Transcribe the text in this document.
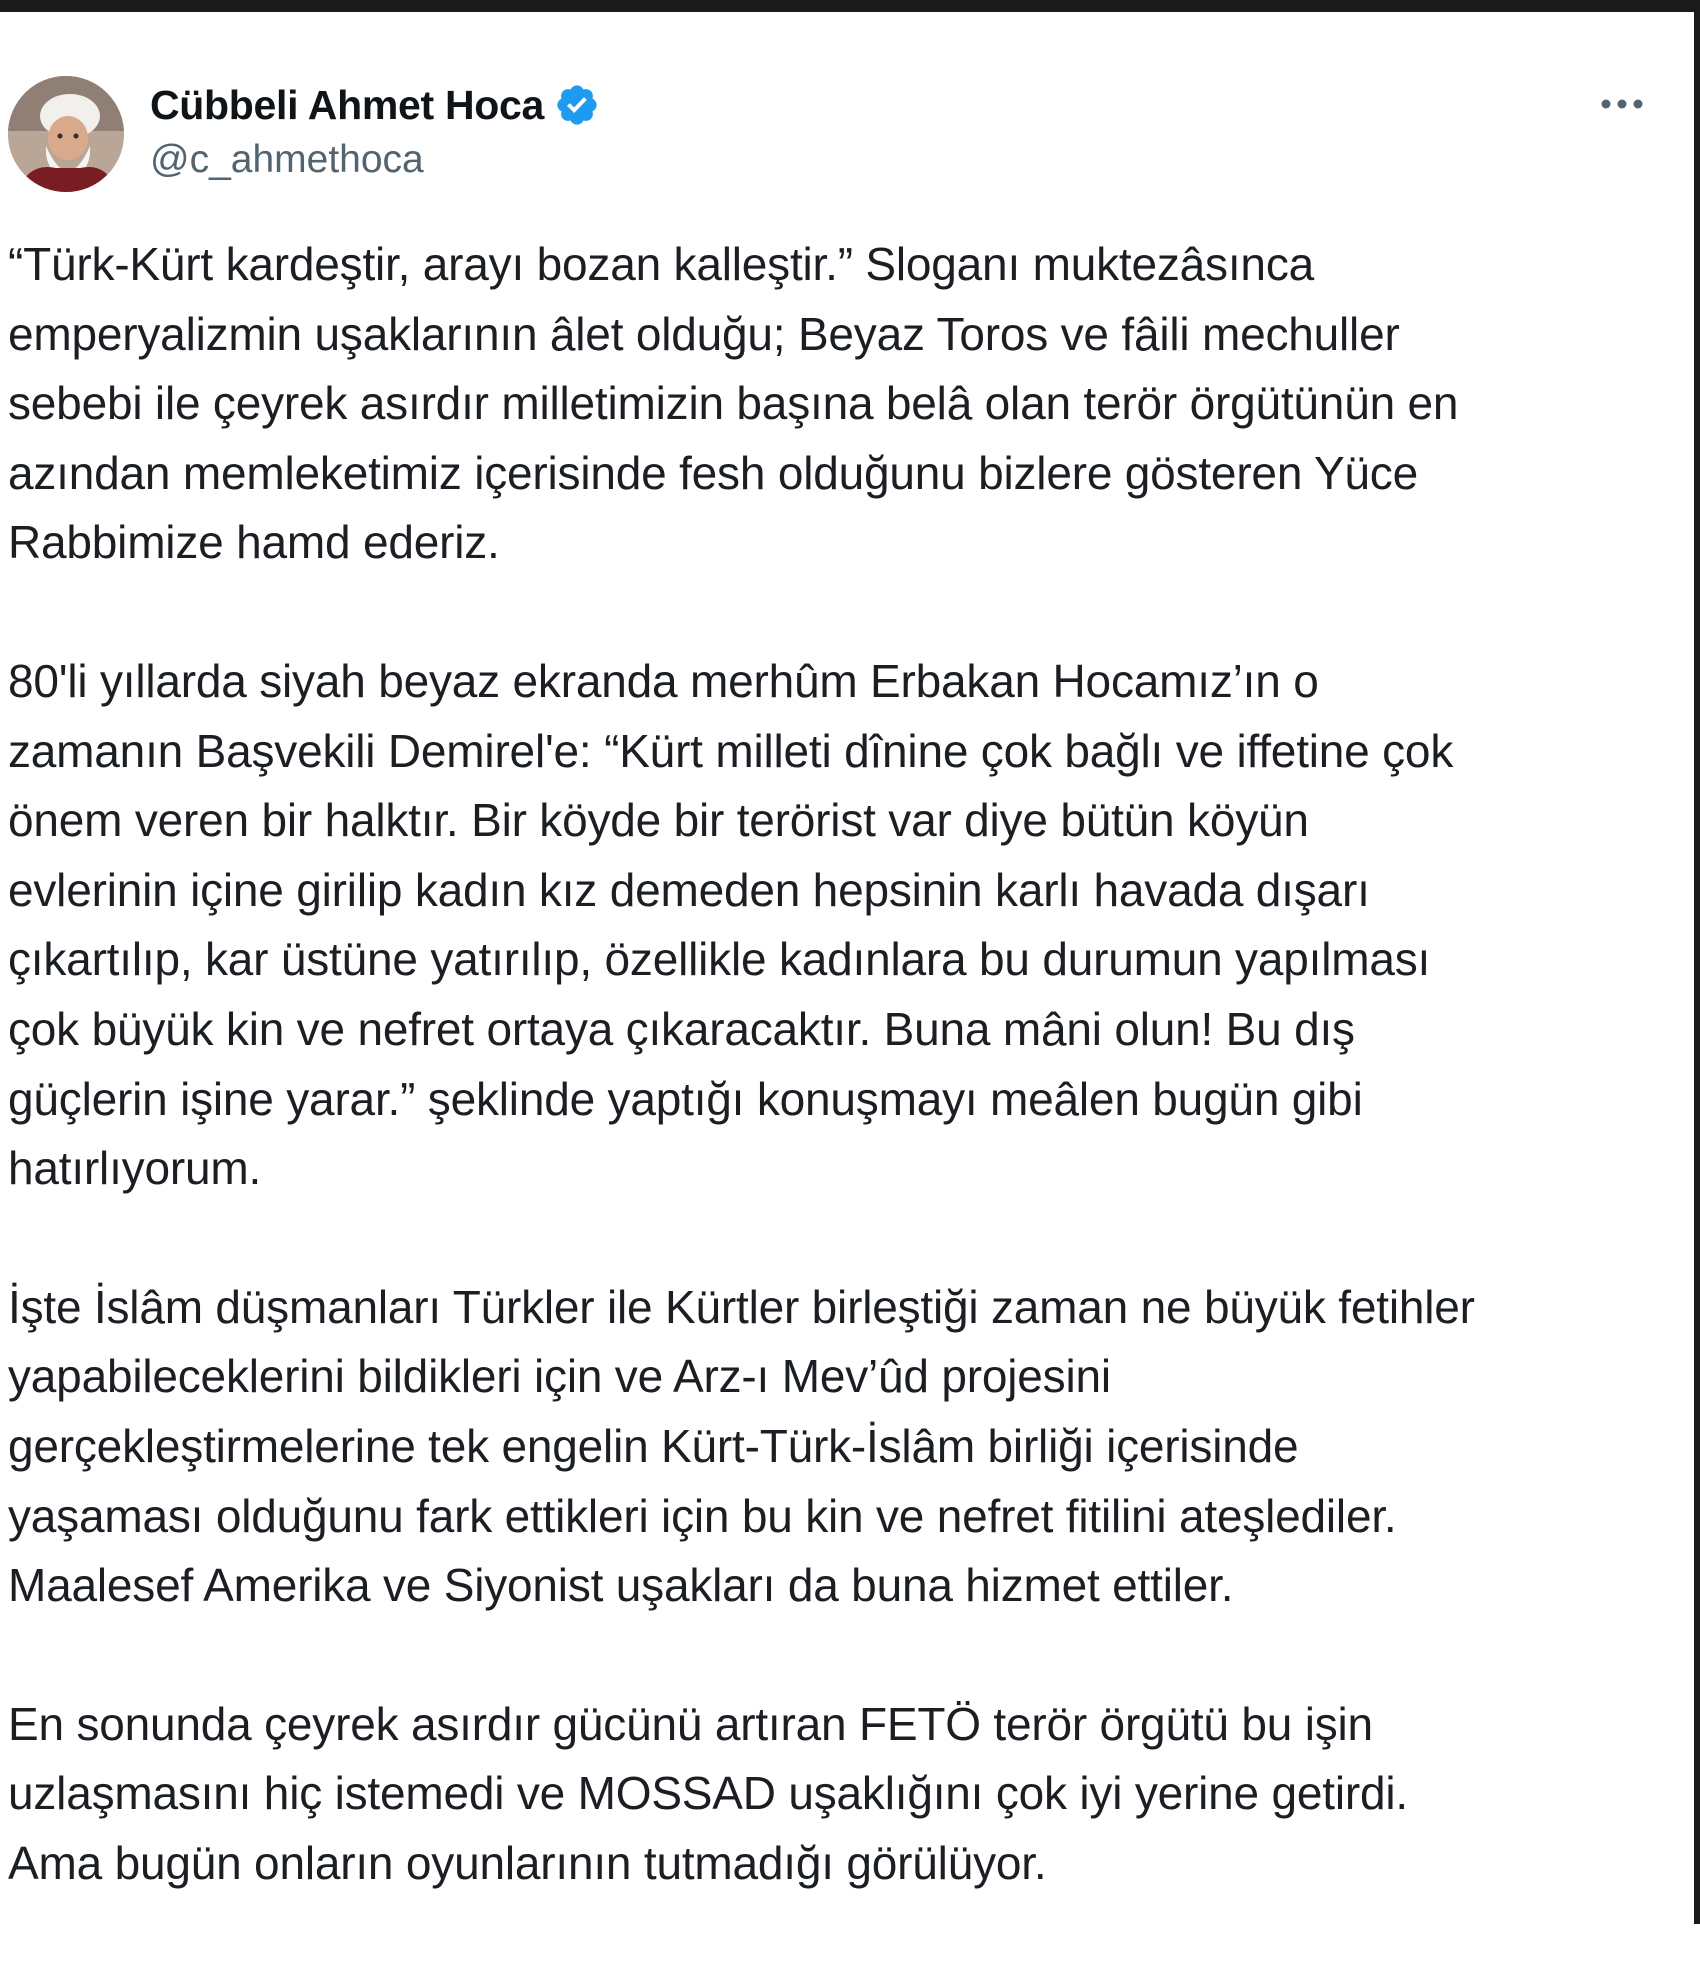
Cübbeli Ahmet Hoca
@c_ahmethoca

“Türk-Kürt kardeştir, arayı bozan kalleştir.” Sloganı muktezâsınca
emperyalizmin uşaklarının âlet olduğu; Beyaz Toros ve fâili mechuller
sebebi ile çeyrek asırdır milletimizin başına belâ olan terör örgütünün en
azından memleketimiz içerisinde fesh olduğunu bizlere gösteren Yüce
Rabbimize hamd ederiz.

80'li yıllarda siyah beyaz ekranda merhûm Erbakan Hocamız’ın o
zamanın Başvekili Demirel'e: “Kürt milleti dînine çok bağlı ve iffetine çok
önem veren bir halktır. Bir köyde bir terörist var diye bütün köyün
evlerinin içine girilip kadın kız demeden hepsinin karlı havada dışarı
çıkartılıp, kar üstüne yatırılıp, özellikle kadınlara bu durumun yapılması
çok büyük kin ve nefret ortaya çıkaracaktır. Buna mâni olun! Bu dış
güçlerin işine yarar.” şeklinde yaptığı konuşmayı meâlen bugün gibi
hatırlıyorum.

İşte İslâm düşmanları Türkler ile Kürtler birleştiği zaman ne büyük fetihler
yapabileceklerini bildikleri için ve Arz-ı Mev’ûd projesini
gerçekleştirmelerine tek engelin Kürt-Türk-İslâm birliği içerisinde
yaşaması olduğunu fark ettikleri için bu kin ve nefret fitilini ateşlediler.
Maalesef Amerika ve Siyonist uşakları da buna hizmet ettiler.

En sonunda çeyrek asırdır gücünü artıran FETÖ terör örgütü bu işin
uzlaşmasını hiç istemedi ve MOSSAD uşaklığını çok iyi yerine getirdi.
Ama bugün onların oyunlarının tutmadığı görülüyor.
